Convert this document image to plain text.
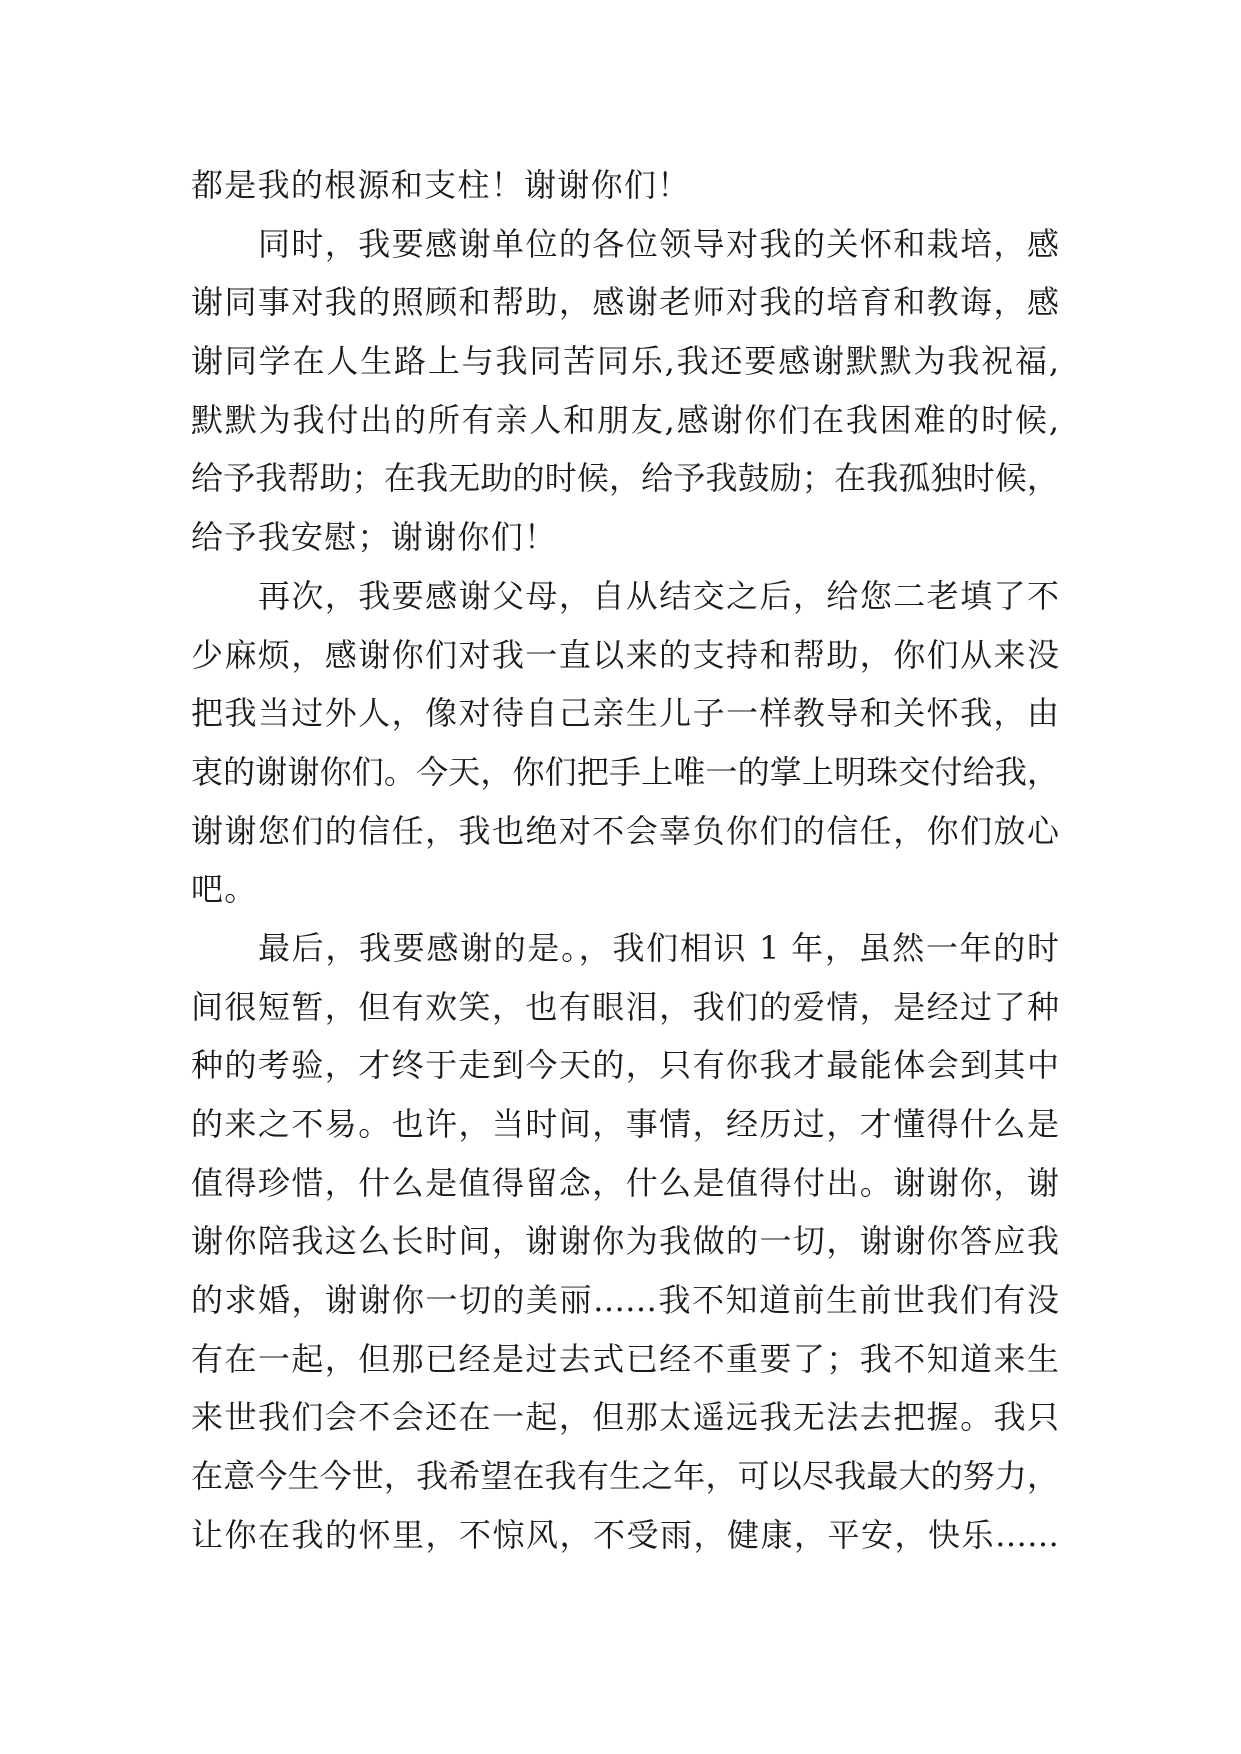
都是我的根源和支柱！谢谢你们！
同时，我要感谢单位的各位领导对我的关怀和栽培，感
谢同事对我的照顾和帮助，感谢老师对我的培育和教诲，感
谢同学在人生路上与我同苦同乐,我还要感谢默默为我祝福,
默默为我付出的所有亲人和朋友,感谢你们在我困难的时候,
给予我帮助；在我无助的时候，给予我鼓励；在我孤独时候，
给予我安慰；谢谢你们！
再次，我要感谢父母，自从结交之后，给您二老填了不
少麻烦，感谢你们对我一直以来的支持和帮助，你们从来没
把我当过外人，像对待自己亲生儿子一样教导和关怀我，由
衷的谢谢你们。今天，你们把手上唯一的掌上明珠交付给我，
谢谢您们的信任，我也绝对不会辜负你们的信任，你们放心
吧。
最后，我要感谢的是。，我们相识 1 年，虽然一年的时
间很短暂，但有欢笑，也有眼泪，我们的爱情，是经过了种
种的考验，才终于走到今天的，只有你我才最能体会到其中
的来之不易。也许，当时间，事情，经历过，才懂得什么是
值得珍惜，什么是值得留念，什么是值得付出。谢谢你，谢
谢你陪我这么长时间，谢谢你为我做的一切，谢谢你答应我
的求婚，谢谢你一切的美丽……我不知道前生前世我们有没
有在一起，但那已经是过去式已经不重要了；我不知道来生
来世我们会不会还在一起，但那太遥远我无法去把握。我只
在意今生今世，我希望在我有生之年，可以尽我最大的努力，
让你在我的怀里，不惊风，不受雨，健康，平安，快乐……
